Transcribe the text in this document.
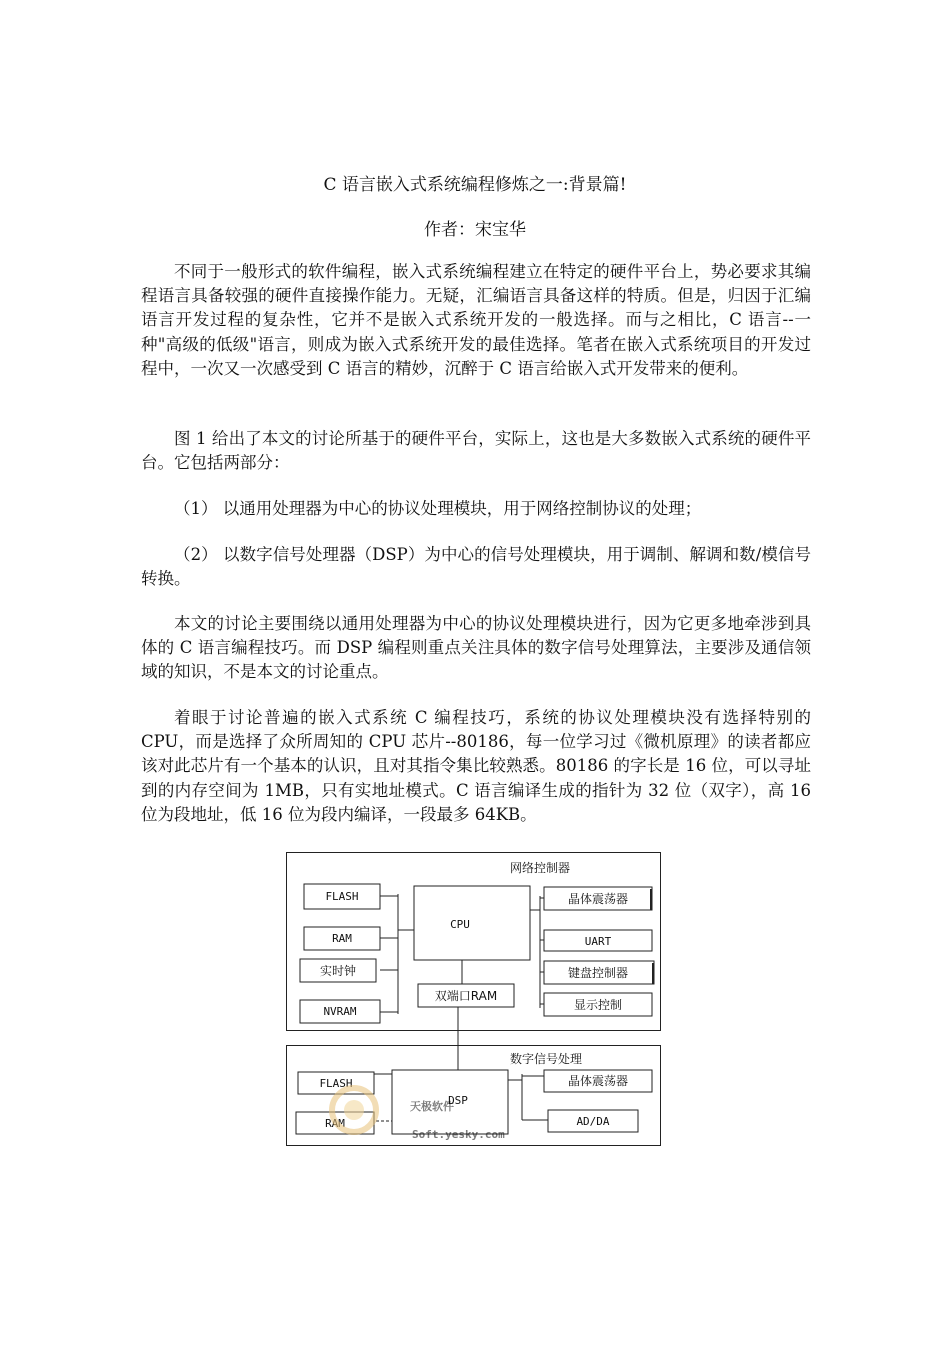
C 语言嵌入式系统编程修炼之一:背景篇!
作者：宋宝华

不同于一般形式的软件编程，嵌入式系统编程建立在特定的硬件平台上，势必要求其编程语言具备较强的硬件直接操作能力。无疑，汇编语言具备这样的特质。但是，归因于汇编语言开发过程的复杂性，它并不是嵌入式系统开发的一般选择。而与之相比，C 语言--一种"高级的低级"语言，则成为嵌入式系统开发的最佳选择。笔者在嵌入式系统项目的开发过程中，一次又一次感受到 C 语言的精妙，沉醉于 C 语言给嵌入式开发带来的便利。

图 1 给出了本文的讨论所基于的硬件平台，实际上，这也是大多数嵌入式系统的硬件平台。它包括两部分：

（1） 以通用处理器为中心的协议处理模块，用于网络控制协议的处理；

（2） 以数字信号处理器（DSP）为中心的信号处理模块，用于调制、解调和数/模信号转换。

本文的讨论主要围绕以通用处理器为中心的协议处理模块进行，因为它更多地牵涉到具体的 C 语言编程技巧。而 DSP 编程则重点关注具体的数字信号处理算法，主要涉及通信领域的知识，不是本文的讨论重点。

着眼于讨论普遍的嵌入式系统 C 编程技巧，系统的协议处理模块没有选择特别的 CPU，而是选择了众所周知的 CPU 芯片--80186，每一位学习过《微机原理》的读者都应该对此芯片有一个基本的认识，且对其指令集比较熟悉。80186 的字长是 16 位，可以寻址到的内存空间为 1MB，只有实地址模式。C 语言编译生成的指针为 32 位（双字），高 16 位为段地址，低 16 位为段内编译，一段最多 64KB。

网络控制器
数字信号处理
FLASH
RAM
实时钟
NVRAM
CPU
双端口RAM
晶体震荡器
UART
键盘控制器
显示控制
FLASH
RAM
DSP
晶体震荡器
AD/DA
天极软件
Soft.yesky.com
